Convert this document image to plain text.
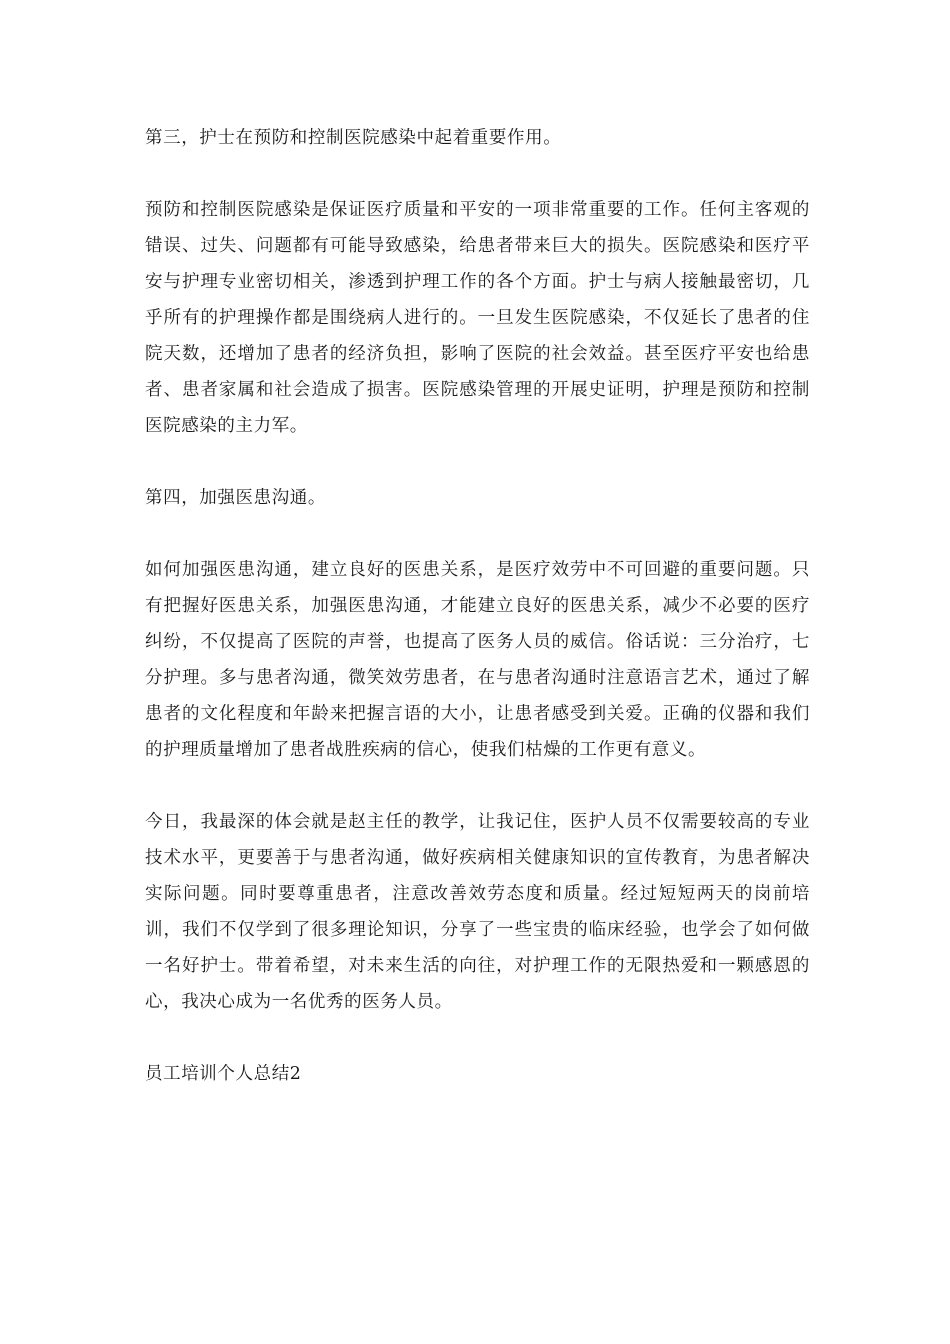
第三，护士在预防和控制医院感染中起着重要作用。

预防和控制医院感染是保证医疗质量和平安的一项非常重要的工作。任何主客观的错误、过失、问题都有可能导致感染，给患者带来巨大的损失。医院感染和医疗平安与护理专业密切相关，渗透到护理工作的各个方面。护士与病人接触最密切，几乎所有的护理操作都是围绕病人进行的。一旦发生医院感染，不仅延长了患者的住院天数，还增加了患者的经济负担，影响了医院的社会效益。甚至医疗平安也给患者、患者家属和社会造成了损害。医院感染管理的开展史证明，护理是预防和控制医院感染的主力军。

第四，加强医患沟通。

如何加强医患沟通，建立良好的医患关系，是医疗效劳中不可回避的重要问题。只有把握好医患关系，加强医患沟通，才能建立良好的医患关系，减少不必要的医疗纠纷，不仅提高了医院的声誉，也提高了医务人员的威信。俗话说：三分治疗，七分护理。多与患者沟通，微笑效劳患者，在与患者沟通时注意语言艺术，通过了解患者的文化程度和年龄来把握言语的大小，让患者感受到关爱。正确的仪器和我们的护理质量增加了患者战胜疾病的信心，使我们枯燥的工作更有意义。

今日，我最深的体会就是赵主任的教学，让我记住，医护人员不仅需要较高的专业技术水平，更要善于与患者沟通，做好疾病相关健康知识的宣传教育，为患者解决实际问题。同时要尊重患者，注意改善效劳态度和质量。经过短短两天的岗前培训，我们不仅学到了很多理论知识，分享了一些宝贵的临床经验，也学会了如何做一名好护士。带着希望，对未来生活的向往，对护理工作的无限热爱和一颗感恩的心，我决心成为一名优秀的医务人员。

员工培训个人总结2
